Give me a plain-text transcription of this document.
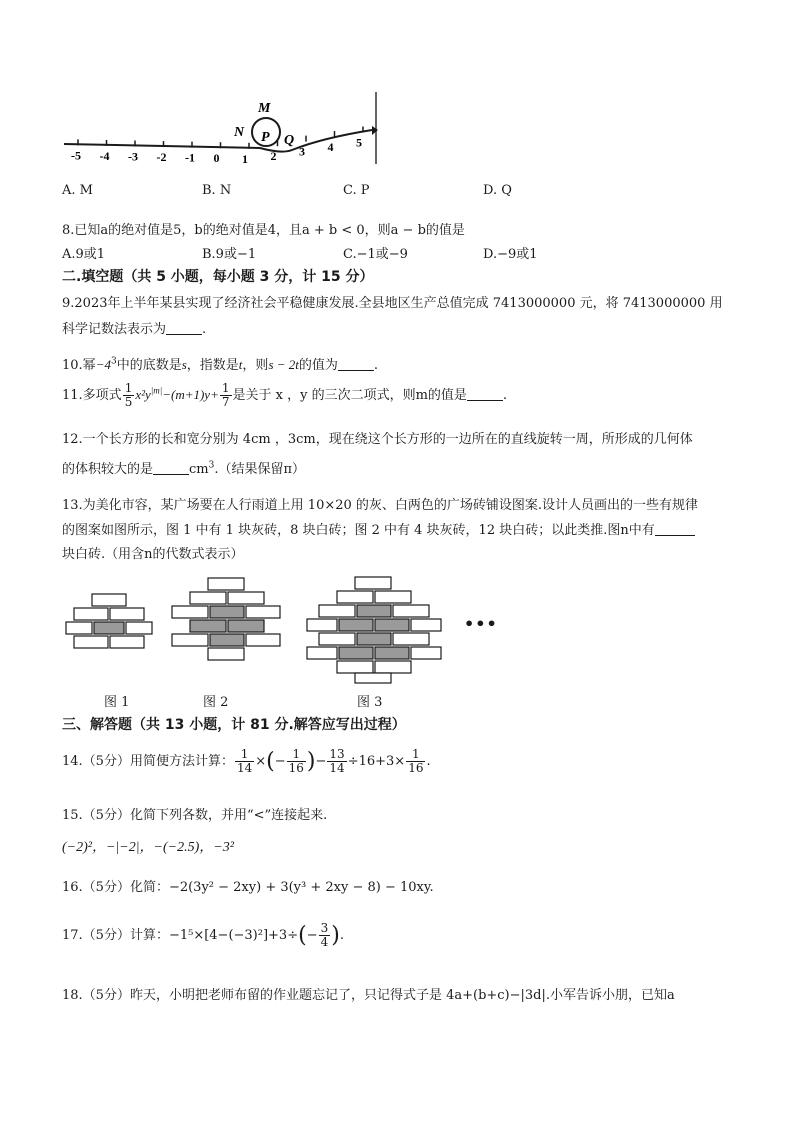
-5 -4 -3 -2 -1 0 1 2 3 4 5
M
N P Q
A. M	B. N	C. P	D. Q
8.已知a的绝对值是5，b的绝对值是4，且a + b < 0，则a − b的值是
A.9或1	B.9或−1	C.−1或−9	D.−9或1
二.填空题（共 5 小题，每小题 3 分，计 15 分）
9.2023年上半年某县实现了经济社会平稳健康发展.全县地区生产总值完成 7413000000 元，将 7413000000 用
科学记数法表示为	.
10.幂$-4^3$中的底数是s，指数是t，则s − 2t的值为	.
11.多项式 $\frac{1}{5} x^2y^{|m|}-(m+1)y+ \frac{1}{7}$ 是关于 x ，y 的三次二项式，则m的值是	.
12.一个长方形的长和宽分别为 4cm ，3cm，现在绕这个长方形的一边所在的直线旋转一周，所形成的几何体
的体积较大的是	$cm^3$.（结果保留π）
13.为美化市容，某广场要在人行雨道上用 10×20 的灰、白两色的广场砖铺设图案.设计人员画出的一些有规律
的图案如图所示，图 1 中有 1 块灰砖，8 块白砖；图 2 中有 4 块灰砖，12 块白砖；以此类推.图n中有
块白砖.（用含n的代数式表示）
•••
图 1	图 2	图 3
三、解答题（共 13 小题，计 81 分.解答应写出过程）
14.（5分）用简便方法计算： $\frac{1}{14}$ ×(− $\frac{1}{16}$ )− $\frac{13}{14} \div 16+3\times \frac{1}{16}$ .
15.（5分）化简下列各数，并用“<”连接起来.
(−2)²，−|−2|，−(−2.5)，−3²
16.（5分）化简：−2(3y² − 2xy) + 3(y³ + 2xy − 8) − 10xy.
17.（5分）计算：$-1^5\times[4-(-3)^2]+3\div(- \frac{3}{4}$ ).
18.（5分）昨天，小明把老师布留的作业题忘记了，只记得式子是 4a+(b+c)−|3d|.小军告诉小朋，已知a
